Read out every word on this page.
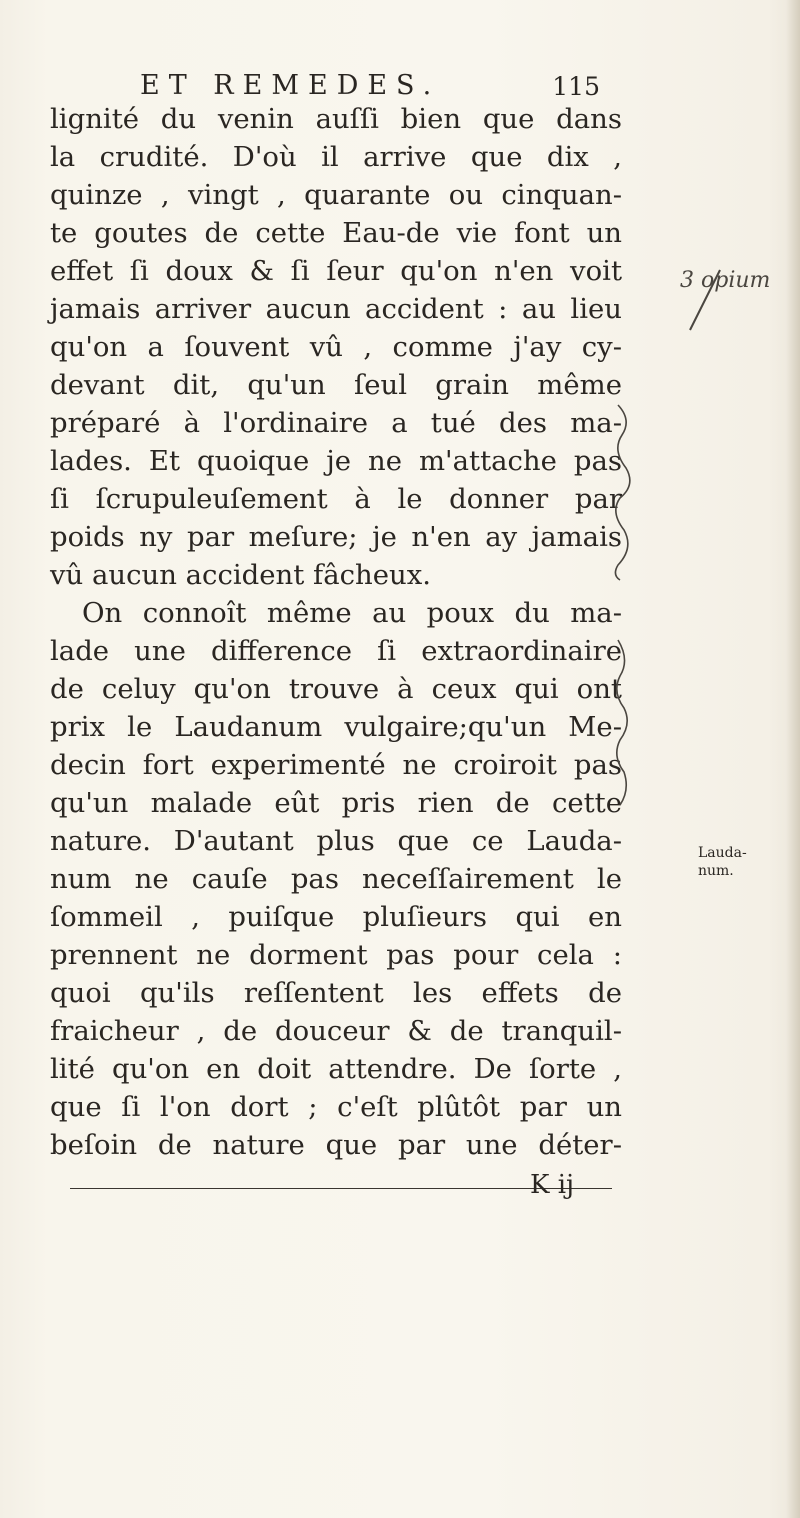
ET REMEDES.	115
lignité du venin auſſi bien que dans
la crudité. D'où il arrive que dix ,
quinze , vingt , quarante ou cinquan-
te goutes de cette Eau-de vie font un
effet ſi doux & ſi ſeur qu'on n'en voit
jamais arriver aucun accident : au lieu
qu'on a ſouvent vû , comme j'ay cy-
devant dit, qu'un ſeul grain même
préparé à l'ordinaire a tué des ma-
lades. Et quoique je ne m'attache pas
ſi ſcrupuleuſement à le donner par
poids ny par meſure; je n'en ay jamais
vû aucun accident fâcheux.
On connoît même au poux du ma-
lade une difference ſi extraordinaire
de celuy qu'on trouve à ceux qui ont
prix le Laudanum vulgaire;qu'un Me-
decin fort experimenté ne croiroit pas
qu'un malade eût pris rien de cette
nature. D'autant plus que ce Lauda-
num ne cauſe pas neceſſairement le
ſommeil , puiſque pluſieurs qui en
prennent ne dorment pas pour cela :
quoi qu'ils reſſentent les effets de
fraicheur , de douceur & de tranquil-
lité qu'on en doit attendre. De ſorte ,
que ſi l'on dort ; c'eſt plûtôt par un
beſoin de nature que par une déter-
K ij
Lauda-
num.
3 opium
